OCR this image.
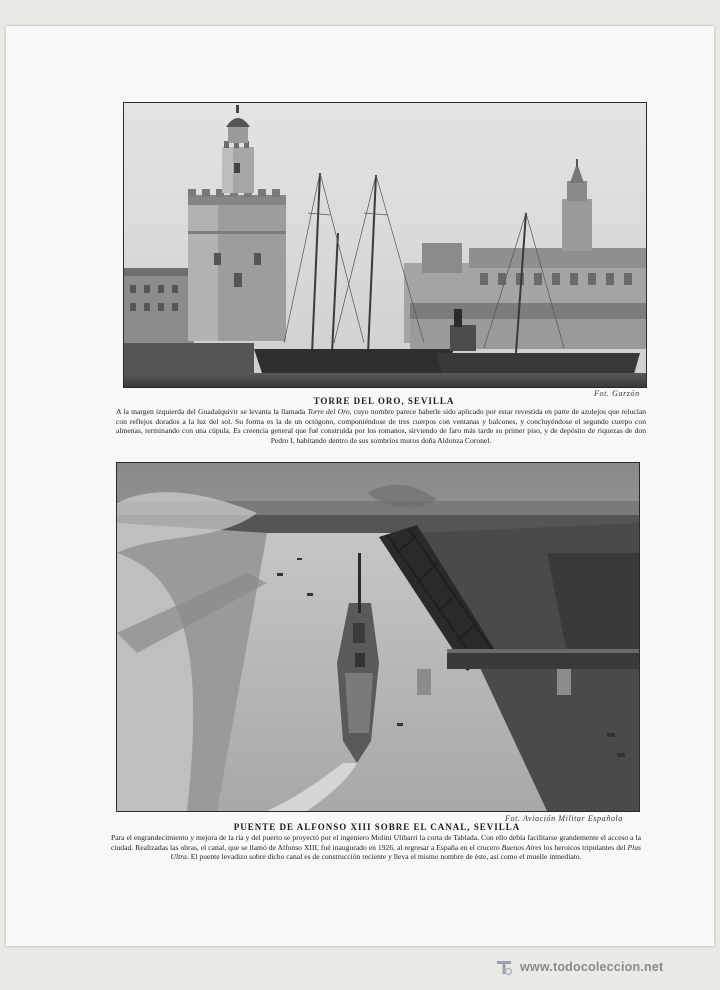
Fot. Garzón
TORRE DEL ORO, SEVILLA
A la margen izquierda del Guadalquivir se levanta la llamada Torre del Oro, cuyo nombre parece haberle sido aplicado por estar revestida en parte de azulejos que relucían con reflejos dorados a la luz del sol. Su forma es la de un octógono, componiéndose de tres cuerpos con ventanas y balcones, y concluyéndose el segundo cuerpo con almenas, terminando con una cúpula. Es creencia general que fué construída por los romanos, sirviendo de faro más tarde su primer piso, y de depósito de riquezas de don Pedro I, habitando dentro de sus sombríos muros doña Aldonza Coronel.
Fot. Aviación Militar Española
PUENTE DE ALFONSO XIII SOBRE EL CANAL, SEVILLA
Para el engrandecimiento y mejora de la ría y del puerto se proyectó por el ingeniero Molini Ulibarri la corta de Tablada. Con ello debía facilitarse grandemente el acceso a la ciudad. Realizadas las obras, el canal, que se llamó de Alfonso XIII, fué inaugurado en 1926, al regresar a España en el crucero Buenos Aires los heroicos tripulantes del Plus Ultra. El puente levadizo sobre dicho canal es de construcción reciente y lleva el mismo nombre de éste, así como el muelle inmediato.
www.todocoleccion.net
